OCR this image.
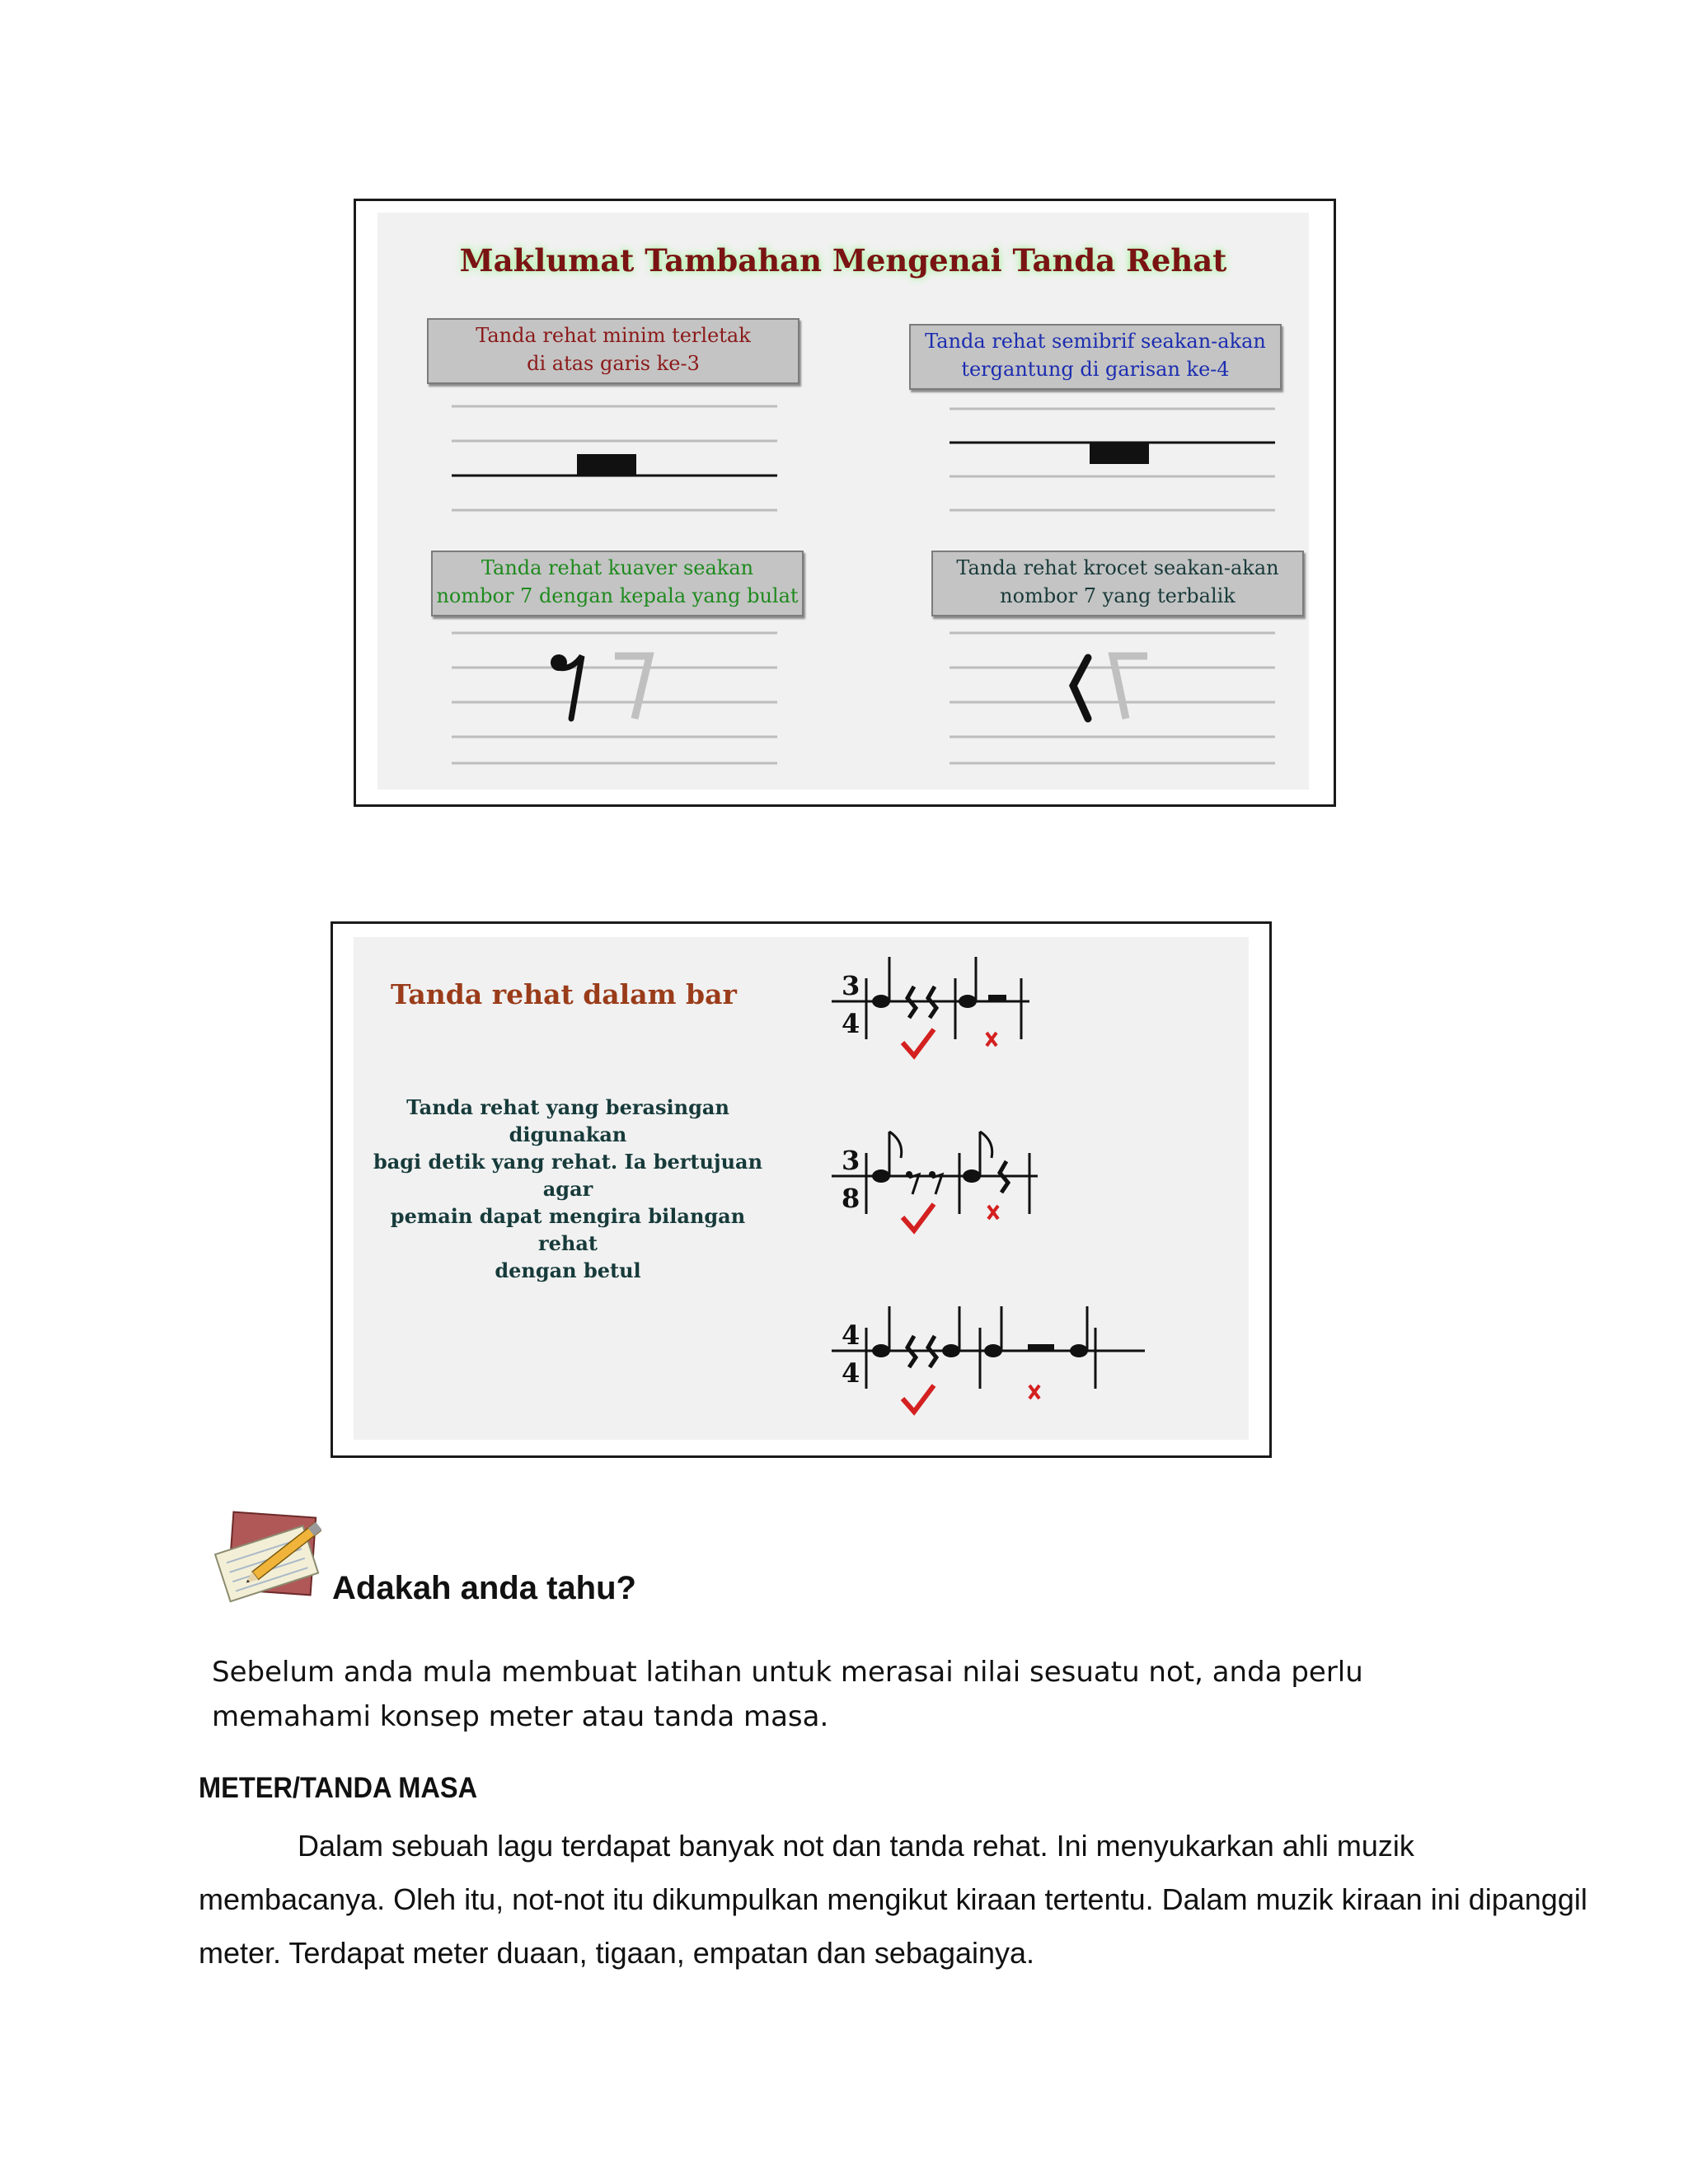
Maklumat Tambahan Mengenai Tanda Rehat
Tanda rehat minim terletak
di atas garis ke-3
Tanda rehat semibrif seakan-akan
tergantung di garisan ke-4
Tanda rehat kuaver seakan
nombor 7 dengan kepala yang bulat
Tanda rehat krocet seakan-akan
nombor 7 yang terbalik
Tanda rehat dalam bar
Tanda rehat yang berasingan digunakan
bagi detik yang rehat. Ia bertujuan agar
pemain dapat mengira bilangan rehat
dengan betul
3
4
3
8
4
4
Adakah anda tahu?
Sebelum anda mula membuat latihan untuk merasai nilai sesuatu not, anda perlu
memahami konsep meter atau tanda masa.
METER/TANDA MASA
Dalam sebuah lagu terdapat banyak not dan tanda rehat. Ini menyukarkan ahli muzik
membacanya. Oleh itu, not-not itu dikumpulkan mengikut kiraan tertentu. Dalam muzik kiraan ini dipanggil
meter. Terdapat meter duaan, tigaan, empatan dan sebagainya.
